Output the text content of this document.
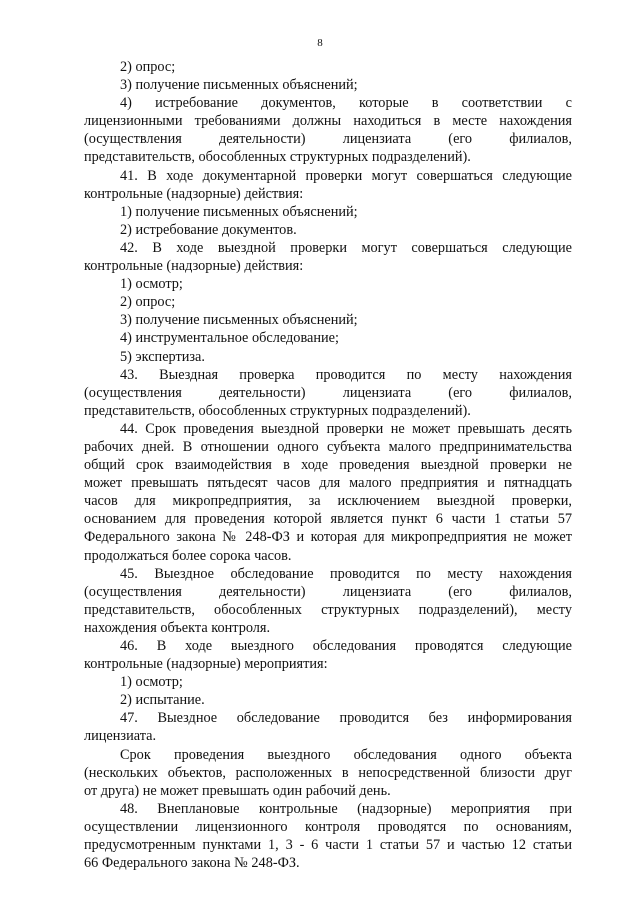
8
2) опрос;
3) получение письменных объяснений;
4) истребование документов, которые в соответствии с
лицензионными требованиями должны находиться в месте нахождения
(осуществления деятельности) лицензиата (его филиалов,
представительств, обособленных структурных подразделений).
41. В ходе документарной проверки могут совершаться следующие
контрольные (надзорные) действия:
1) получение письменных объяснений;
2) истребование документов.
42. В ходе выездной проверки могут совершаться следующие
контрольные (надзорные) действия:
1) осмотр;
2) опрос;
3) получение письменных объяснений;
4) инструментальное обследование;
5) экспертиза.
43. Выездная проверка проводится по месту нахождения
(осуществления деятельности) лицензиата (его филиалов,
представительств, обособленных структурных подразделений).
44. Срок проведения выездной проверки не может превышать десять
рабочих дней. В отношении одного субъекта малого предпринимательства
общий срок взаимодействия в ходе проведения выездной проверки не
может превышать пятьдесят часов для малого предприятия и пятнадцать
часов для микропредприятия, за исключением выездной проверки,
основанием для проведения которой является пункт 6 части 1 статьи 57
Федерального закона № 248-ФЗ и которая для микропредприятия не может
продолжаться более сорока часов.
45. Выездное обследование проводится по месту нахождения
(осуществления деятельности) лицензиата (его филиалов,
представительств, обособленных структурных подразделений), месту
нахождения объекта контроля.
46. В ходе выездного обследования проводятся следующие
контрольные (надзорные) мероприятия:
1) осмотр;
2) испытание.
47. Выездное обследование проводится без информирования
лицензиата.
Срок проведения выездного обследования одного объекта
(нескольких объектов, расположенных в непосредственной близости друг
от друга) не может превышать один рабочий день.
48. Внеплановые контрольные (надзорные) мероприятия при
осуществлении лицензионного контроля проводятся по основаниям,
предусмотренным пунктами 1, 3 - 6 части 1 статьи 57 и частью 12 статьи
66 Федерального закона № 248-ФЗ.
